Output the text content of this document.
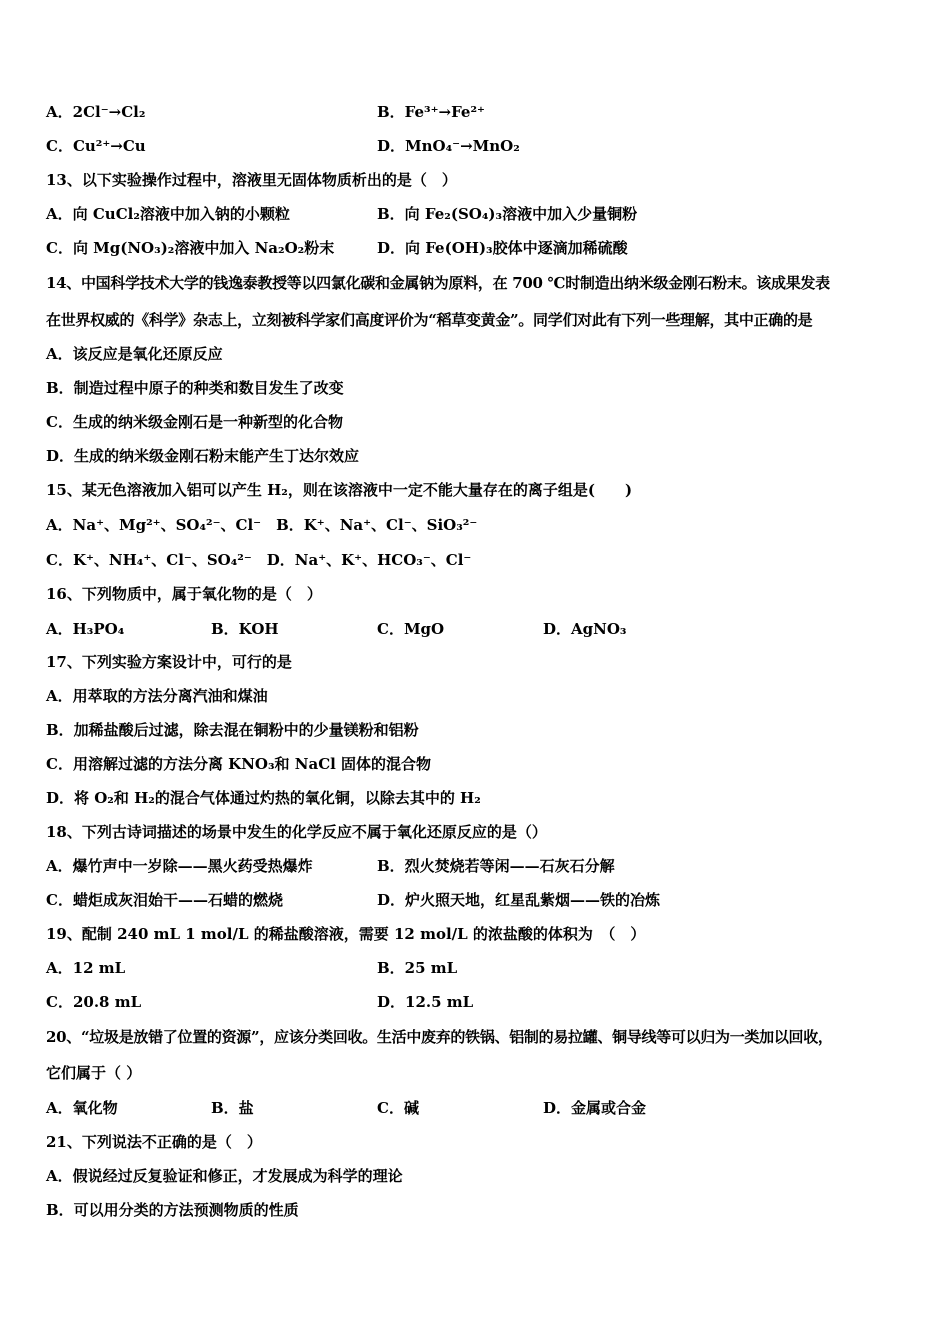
A．2Cl⁻→Cl₂	B．Fe³⁺→Fe²⁺
C．Cu²⁺→Cu	D．MnO₄⁻→MnO₂
13、以下实验操作过程中，溶液里无固体物质析出的是（　）
A．向 CuCl₂溶液中加入钠的小颗粒	B．向 Fe₂(SO₄)₃溶液中加入少量铜粉
C．向 Mg(NO₃)₂溶液中加入 Na₂O₂粉末	D．向 Fe(OH)₃胶体中逐滴加稀硫酸
14、中国科学技术大学的钱逸泰教授等以四氯化碳和金属钠为原料，在 700 ℃时制造出纳米级金刚石粉末。该成果发表
在世界权威的《科学》杂志上，立刻被科学家们高度评价为“稻草变黄金”。同学们对此有下列一些理解，其中正确的是
A．该反应是氧化还原反应
B．制造过程中原子的种类和数目发生了改变
C．生成的纳米级金刚石是一种新型的化合物
D．生成的纳米级金刚石粉末能产生丁达尔效应
15、某无色溶液加入铝可以产生 H₂，则在该溶液中一定不能大量存在的离子组是(　　)
A．Na⁺、Mg²⁺、SO₄²⁻、Cl⁻　B．K⁺、Na⁺、Cl⁻、SiO₃²⁻
C．K⁺、NH₄⁺、Cl⁻、SO₄²⁻　D．Na⁺、K⁺、HCO₃⁻、Cl⁻
16、下列物质中，属于氧化物的是（　）
A．H₃PO₄	B．KOH	C．MgO	D．AgNO₃
17、下列实验方案设计中，可行的是
A．用萃取的方法分离汽油和煤油
B．加稀盐酸后过滤，除去混在铜粉中的少量镁粉和铝粉
C．用溶解过滤的方法分离 KNO₃和 NaCl 固体的混合物
D．将 O₂和 H₂的混合气体通过灼热的氧化铜，以除去其中的 H₂
18、下列古诗词描述的场景中发生的化学反应不属于氧化还原反应的是（）
A．爆竹声中一岁除——黑火药受热爆炸	B．烈火焚烧若等闲——石灰石分解
C．蜡炬成灰泪始干——石蜡的燃烧	D．炉火照天地，红星乱紫烟——铁的冶炼
19、配制 240 mL 1 mol/L 的稀盐酸溶液，需要 12 mol/L 的浓盐酸的体积为　（　）
A．12 mL	B．25 mL
C．20.8 mL	D．12.5 mL
20、“垃圾是放错了位置的资源”，应该分类回收。生活中废弃的铁锅、铝制的易拉罐、铜导线等可以归为一类加以回收，
它们属于（ ）
A．氧化物	B．盐	C．碱	D．金属或合金
21、下列说法不正确的是（　）
A．假说经过反复验证和修正，才发展成为科学的理论
B．可以用分类的方法预测物质的性质
